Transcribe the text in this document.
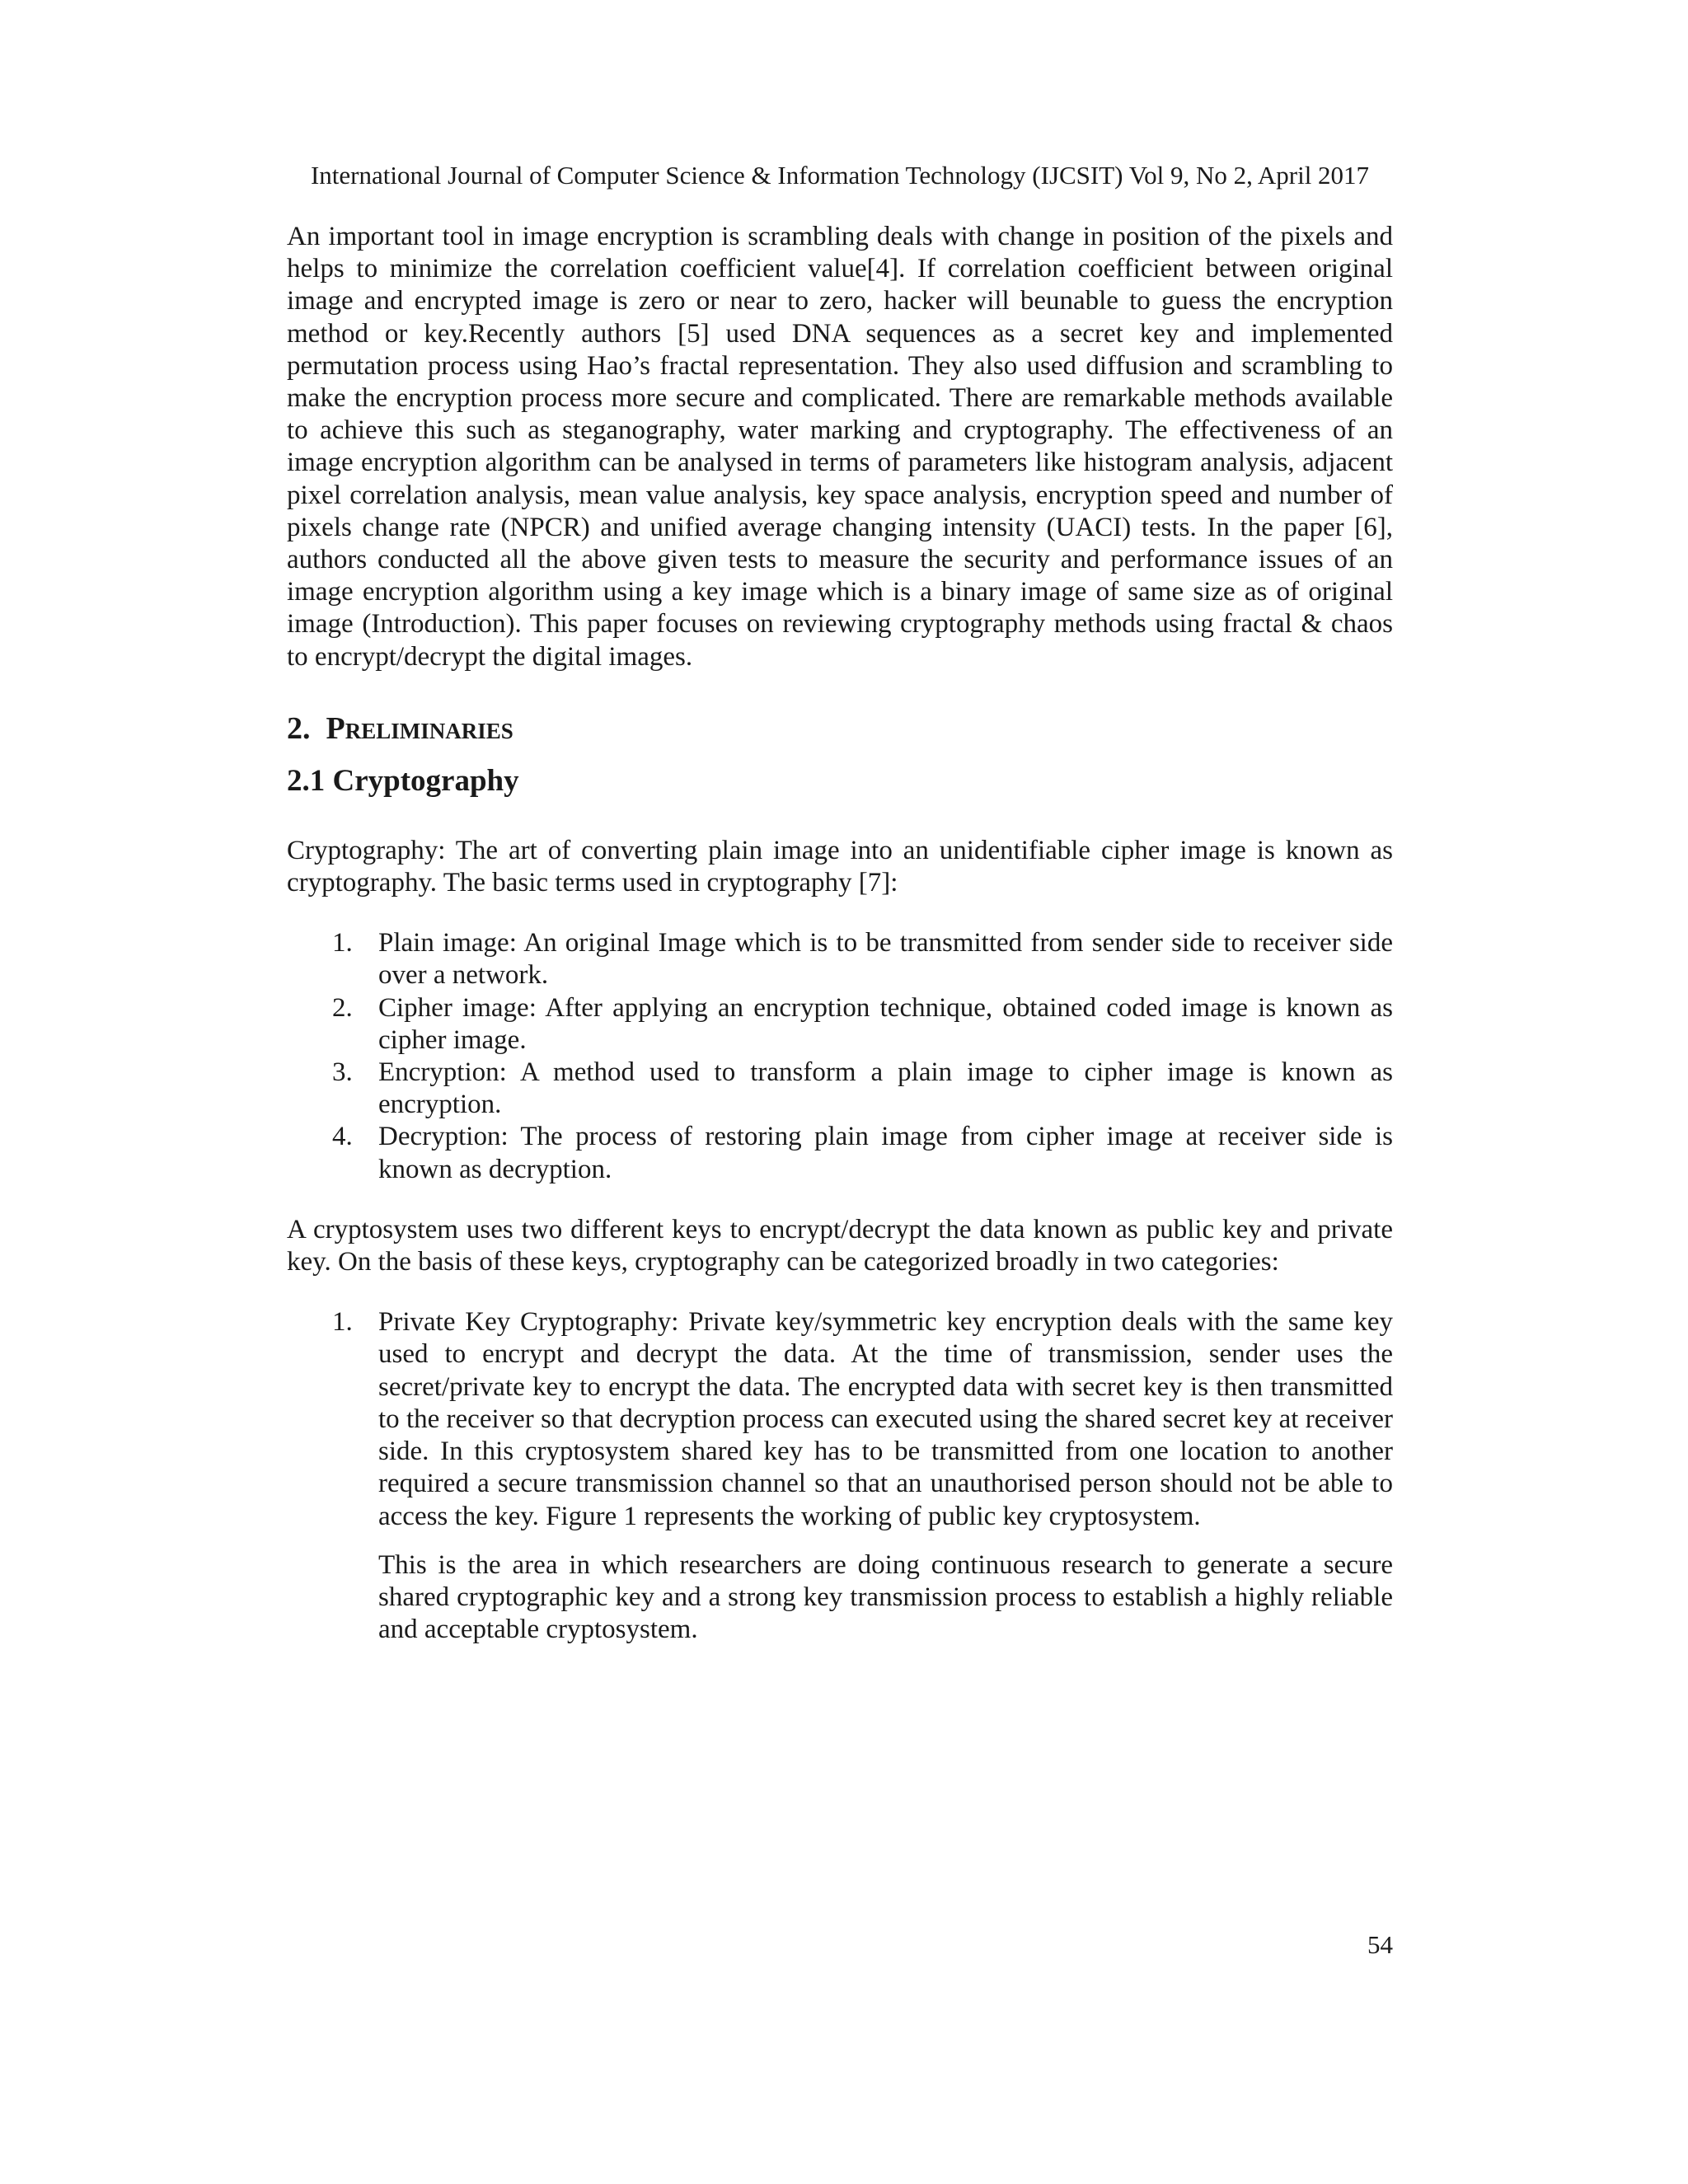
International Journal of Computer Science & Information Technology (IJCSIT) Vol 9, No 2, April 2017

An important tool in image encryption is scrambling deals with change in position of the pixels and helps to minimize the correlation coefficient value[4]. If correlation coefficient between original image and encrypted image is zero or near to zero, hacker will beunable to guess the encryption method or key.Recently authors [5] used DNA sequences as a secret key and implemented permutation process using Hao’s fractal representation. They also used diffusion and scrambling to make the encryption process more secure and complicated. There are remarkable methods available to achieve this such as steganography, water marking and cryptography. The effectiveness of an image encryption algorithm can be analysed in terms of parameters like histogram analysis, adjacent pixel correlation analysis, mean value analysis, key space analysis, encryption speed and number of pixels change rate (NPCR) and unified average changing intensity (UACI) tests. In the paper [6], authors conducted all the above given tests to measure the security and performance issues of an image encryption algorithm using a key image which is a binary image of same size as of original image (Introduction). This paper focuses on reviewing cryptography methods using fractal & chaos to encrypt/decrypt the digital images.

2. Preliminaries
2.1 Cryptography

Cryptography: The art of converting plain image into an unidentifiable cipher image is known as cryptography. The basic terms used in cryptography [7]:

1. Plain image: An original Image which is to be transmitted from sender side to receiver side over a network.
2. Cipher image: After applying an encryption technique, obtained coded image is known as cipher image.
3. Encryption: A method used to transform a plain image to cipher image is known as encryption.
4. Decryption: The process of restoring plain image from cipher image at receiver side is known as decryption.

A cryptosystem uses two different keys to encrypt/decrypt the data known as public key and private key. On the basis of these keys, cryptography can be categorized broadly in two categories:

1. Private Key Cryptography: Private key/symmetric key encryption deals with the same key used to encrypt and decrypt the data. At the time of transmission, sender uses the secret/private key to encrypt the data. The encrypted data with secret key is then transmitted to the receiver so that decryption process can executed using the shared secret key at receiver side. In this cryptosystem shared key has to be transmitted from one location to another required a secure transmission channel so that an unauthorised person should not be able to access the key. Figure 1 represents the working of public key cryptosystem.

This is the area in which researchers are doing continuous research to generate a secure shared cryptographic key and a strong key transmission process to establish a highly reliable and acceptable cryptosystem.

54
